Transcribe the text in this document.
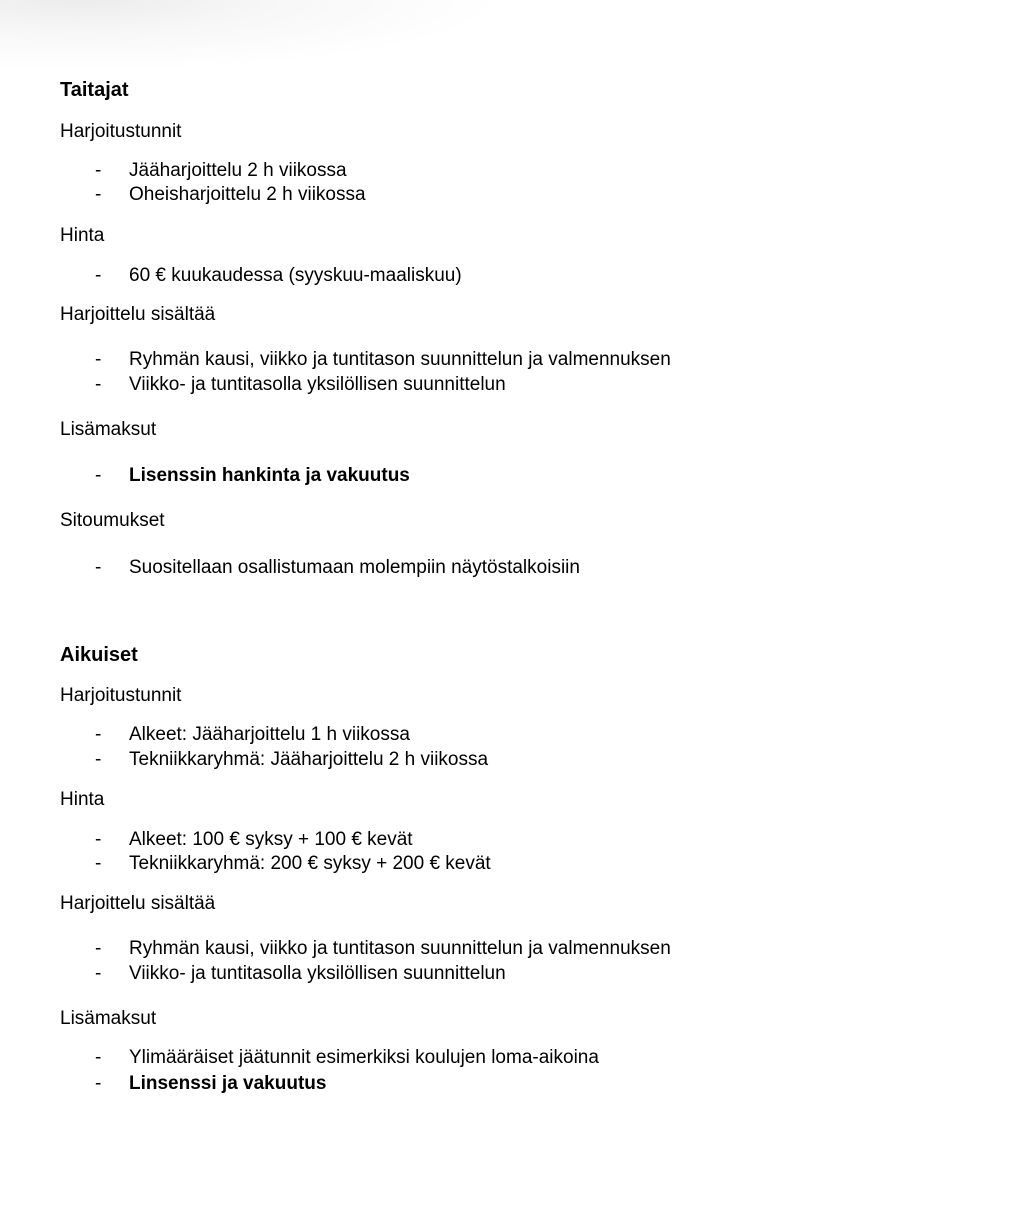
Taitajat
Harjoitustunnit
- Jääharjoittelu 2 h viikossa
- Oheisharjoittelu 2 h viikossa
Hinta
- 60 € kuukaudessa (syyskuu-maaliskuu)
Harjoittelu sisältää
- Ryhmän kausi, viikko ja tuntitason suunnittelun ja valmennuksen
- Viikko- ja tuntitasolla yksilöllisen suunnittelun
Lisämaksut
- Lisenssin hankinta ja vakuutus
Sitoumukset
- Suositellaan osallistumaan molempiin näytöstalkoisiin
Aikuiset
Harjoitustunnit
- Alkeet: Jääharjoittelu 1 h viikossa
- Tekniikkaryhmä: Jääharjoittelu 2 h viikossa
Hinta
- Alkeet: 100 € syksy + 100 € kevät
- Tekniikkaryhmä: 200 € syksy + 200 € kevät
Harjoittelu sisältää
- Ryhmän kausi, viikko ja tuntitason suunnittelun ja valmennuksen
- Viikko- ja tuntitasolla yksilöllisen suunnittelun
Lisämaksut
- Ylimääräiset jäätunnit esimerkiksi koulujen loma-aikoina
- Linsenssi ja vakuutus
